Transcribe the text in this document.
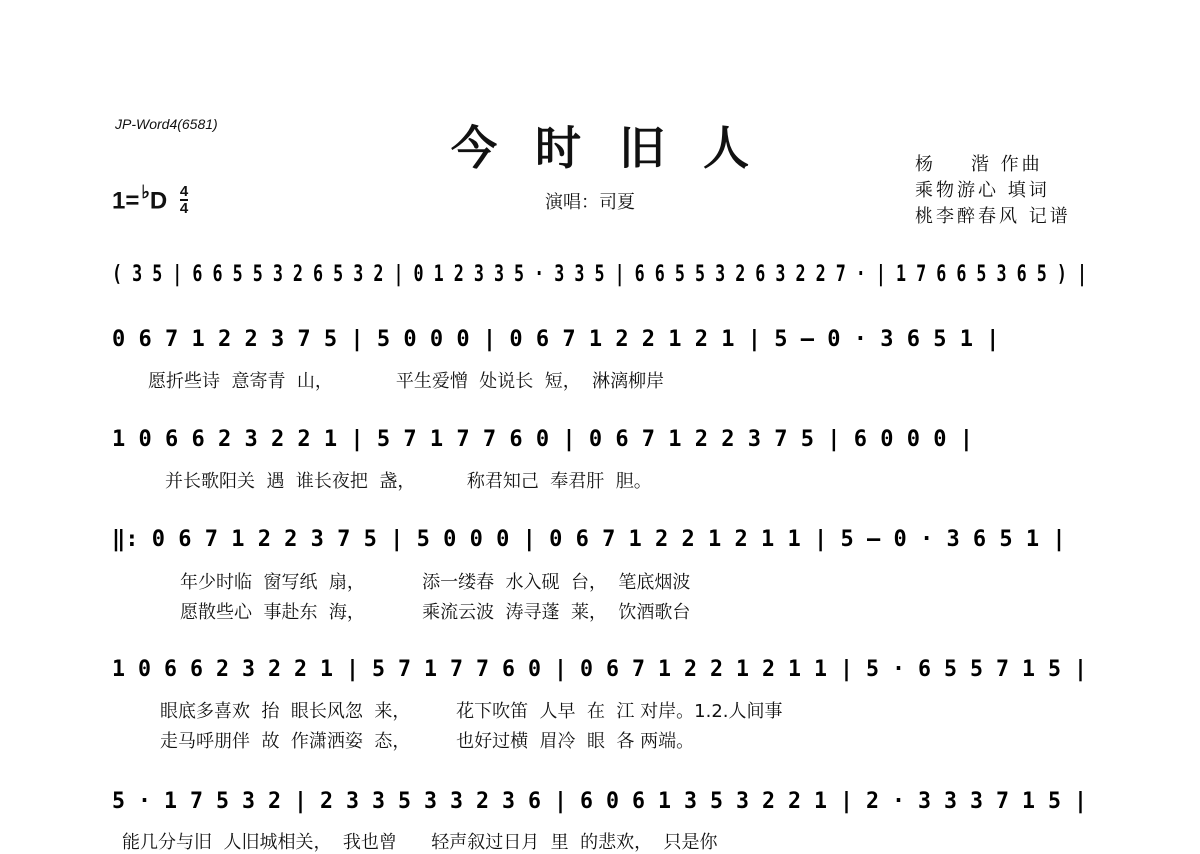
JP-Word4(6581)	今时旧人
$1= ^♭D \frac{4}{4}$	演唱：司夏
杨    湝 作曲
乘物游心 填词
桃李醉春风 记谱
( 3 5 | 6 6 5 5 3 2 6 5 3 2 | 0 1 2 3 3 5 · 3 3 5 | 6 6 5 5 3 2 6 3 2 2 7 · | 1 7 6 6 5 3 6 5 ) |
0 6 7 1 2 2 3 7 5 | 5 0 0 0 | 0 6 7 1 2 2 1 2 1 | 5 – 0 · 3 6 5 1 |
愿折些诗  意寄青  山，           平生爱憎  处说长  短，  淋漓柳岸
1 0 6 6 2 3 2 2 1 | 5 7 1 7 7 6 0 | 0 6 7 1 2 2 3 7 5 | 6 0 0 0 |
并长歌阳关  遇  谁长夜把  盏，         称君知己  奉君肝  胆。
‖: 0 6 7 1 2 2 3 7 5 | 5 0 0 0 | 0 6 7 1 2 2 1 2 1 1 | 5 – 0 · 3 6 5 1 |
年少时临  窗写纸  扇，          添一缕春  水入砚  台，  笔底烟波
愿散些心  事赴东  海，          乘流云波  涛寻蓬  莱，  饮酒歌台
1 0 6 6 2 3 2 2 1 | 5 7 1 7 7 6 0 | 0 6 7 1 2 2 1 2 1 1 | 5 · 6 5 5 7 1 5 |
眼底多喜欢  抬  眼长风忽  来，        花下吹笛  人早  在  江 对岸。1.2.人间事
走马呼朋伴  故  作潇洒姿  态，        也好过横  眉冷  眼  各 两端。
5 · 1 7 5 3 2 | 2 3 3 5 3 3 2 3 6 | 6 0 6 1 3 5 3 2 2 1 | 2 · 3 3 3 7 1 5 |
能几分与旧  人旧城相关，  我也曾      轻声叙过日月  里  的悲欢，  只是你
